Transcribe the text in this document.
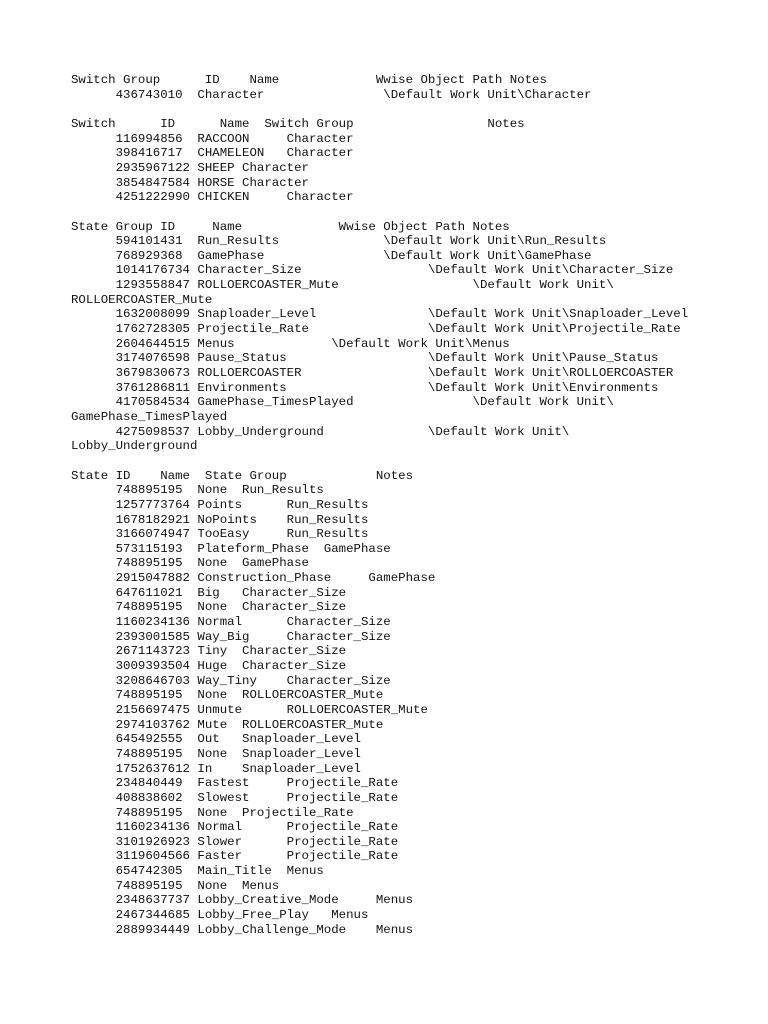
Switch Group      ID    Name             Wwise Object Path Notes
436743010  Character                \Default Work Unit\Character
Switch      ID      Name  Switch Group                  Notes
116994856  RACCOON     Character
398416717  CHAMELEON   Character
2935967122 SHEEP Character
3854847584 HORSE Character
4251222990 CHICKEN     Character
State Group ID     Name             Wwise Object Path Notes
594101431  Run_Results              \Default Work Unit\Run_Results
768929368  GamePhase                \Default Work Unit\GamePhase
1014176734 Character_Size                 \Default Work Unit\Character_Size
1293558847 ROLLOERCOASTER_Mute                  \Default Work Unit\
ROLLOERCOASTER_Mute
1632008099 Snaploader_Level               \Default Work Unit\Snaploader_Level
1762728305 Projectile_Rate                \Default Work Unit\Projectile_Rate
2604644515 Menus             \Default Work Unit\Menus
3174076598 Pause_Status                   \Default Work Unit\Pause_Status
3679830673 ROLLOERCOASTER                 \Default Work Unit\ROLLOERCOASTER
3761286811 Environments                   \Default Work Unit\Environments
4170584534 GamePhase_TimesPlayed                \Default Work Unit\
GamePhase_TimesPlayed
4275098537 Lobby_Underground              \Default Work Unit\
Lobby_Underground
State ID    Name  State Group            Notes
748895195  None  Run_Results
1257773764 Points      Run_Results
1678182921 NoPoints    Run_Results
3166074947 TooEasy     Run_Results
573115193  Plateform_Phase  GamePhase
748895195  None  GamePhase
2915047882 Construction_Phase     GamePhase
647611021  Big   Character_Size
748895195  None  Character_Size
1160234136 Normal      Character_Size
2393001585 Way_Big     Character_Size
2671143723 Tiny  Character_Size
3009393504 Huge  Character_Size
3208646703 Way_Tiny    Character_Size
748895195  None  ROLLOERCOASTER_Mute
2156697475 Unmute      ROLLOERCOASTER_Mute
2974103762 Mute  ROLLOERCOASTER_Mute
645492555  Out   Snaploader_Level
748895195  None  Snaploader_Level
1752637612 In    Snaploader_Level
234840449  Fastest     Projectile_Rate
408838602  Slowest     Projectile_Rate
748895195  None  Projectile_Rate
1160234136 Normal      Projectile_Rate
3101926923 Slower      Projectile_Rate
3119604566 Faster      Projectile_Rate
654742305  Main_Title  Menus
748895195  None  Menus
2348637737 Lobby_Creative_Mode     Menus
2467344685 Lobby_Free_Play   Menus
2889934449 Lobby_Challenge_Mode    Menus
